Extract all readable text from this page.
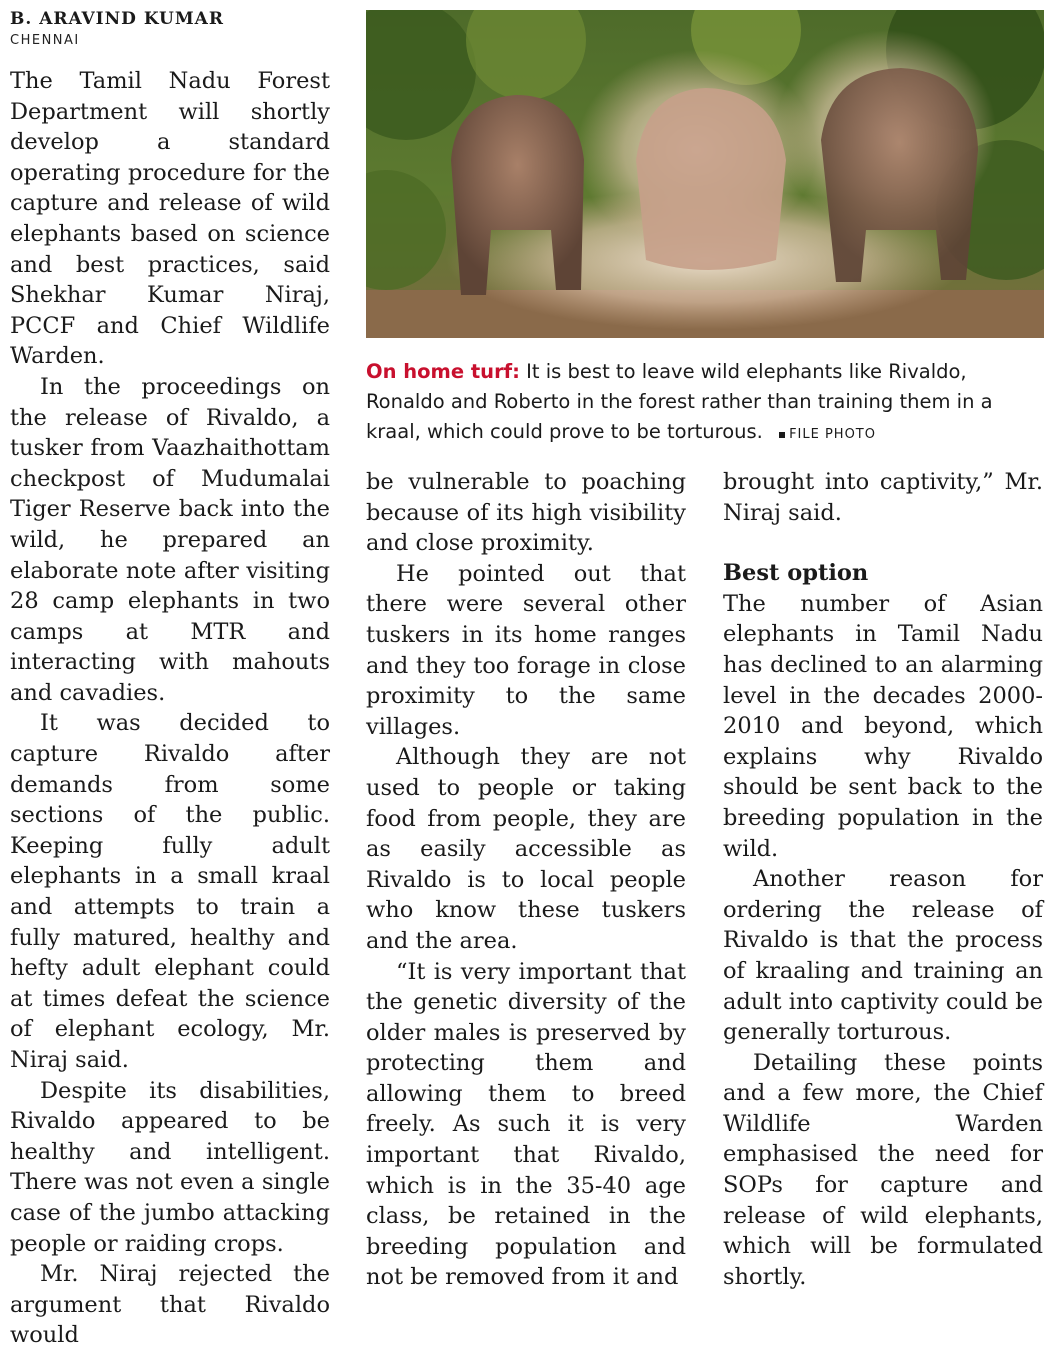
B. ARAVIND KUMAR
CHENNAI

The Tamil Nadu Forest Department will shortly develop a standard operating procedure for the capture and release of wild elephants based on science and best practices, said Shekhar Kumar Niraj, PCCF and Chief Wildlife Warden.

In the proceedings on the release of Rivaldo, a tusker from Vaazhaithottam checkpost of Mudumalai Tiger Reserve back into the wild, he prepared an elaborate note after visiting 28 camp elephants in two camps at MTR and interacting with mahouts and cavadies.

It was decided to capture Rivaldo after demands from some sections of the public. Keeping fully adult elephants in a small kraal and attempts to train a fully matured, healthy and hefty adult elephant could at times defeat the science of elephant ecology, Mr. Niraj said.

Despite its disabilities, Rivaldo appeared to be healthy and intelligent. There was not even a single case of the jumbo attacking people or raiding crops.

Mr. Niraj rejected the argument that Rivaldo would

On home turf: It is best to leave wild elephants like Rivaldo, Ronaldo and Roberto in the forest rather than training them in a kraal, which could prove to be torturous. FILE PHOTO

be vulnerable to poaching because of its high visibility and close proximity.

He pointed out that there were several other tuskers in its home ranges and they too forage in close proximity to the same villages.

Although they are not used to people or taking food from people, they are as easily accessible as Rivaldo is to local people who know these tuskers and the area.

“It is very important that the genetic diversity of the older males is preserved by protecting them and allowing them to breed freely. As such it is very important that Rivaldo, which is in the 35-40 age class, be retained in the breeding population and not be removed from it and

brought into captivity,” Mr. Niraj said.

Best option

The number of Asian elephants in Tamil Nadu has declined to an alarming level in the decades 2000-2010 and beyond, which explains why Rivaldo should be sent back to the breeding population in the wild.

Another reason for ordering the release of Rivaldo is that the process of kraaling and training an adult into captivity could be generally torturous.

Detailing these points and a few more, the Chief Wildlife Warden emphasised the need for SOPs for capture and release of wild elephants, which will be formulated shortly.
